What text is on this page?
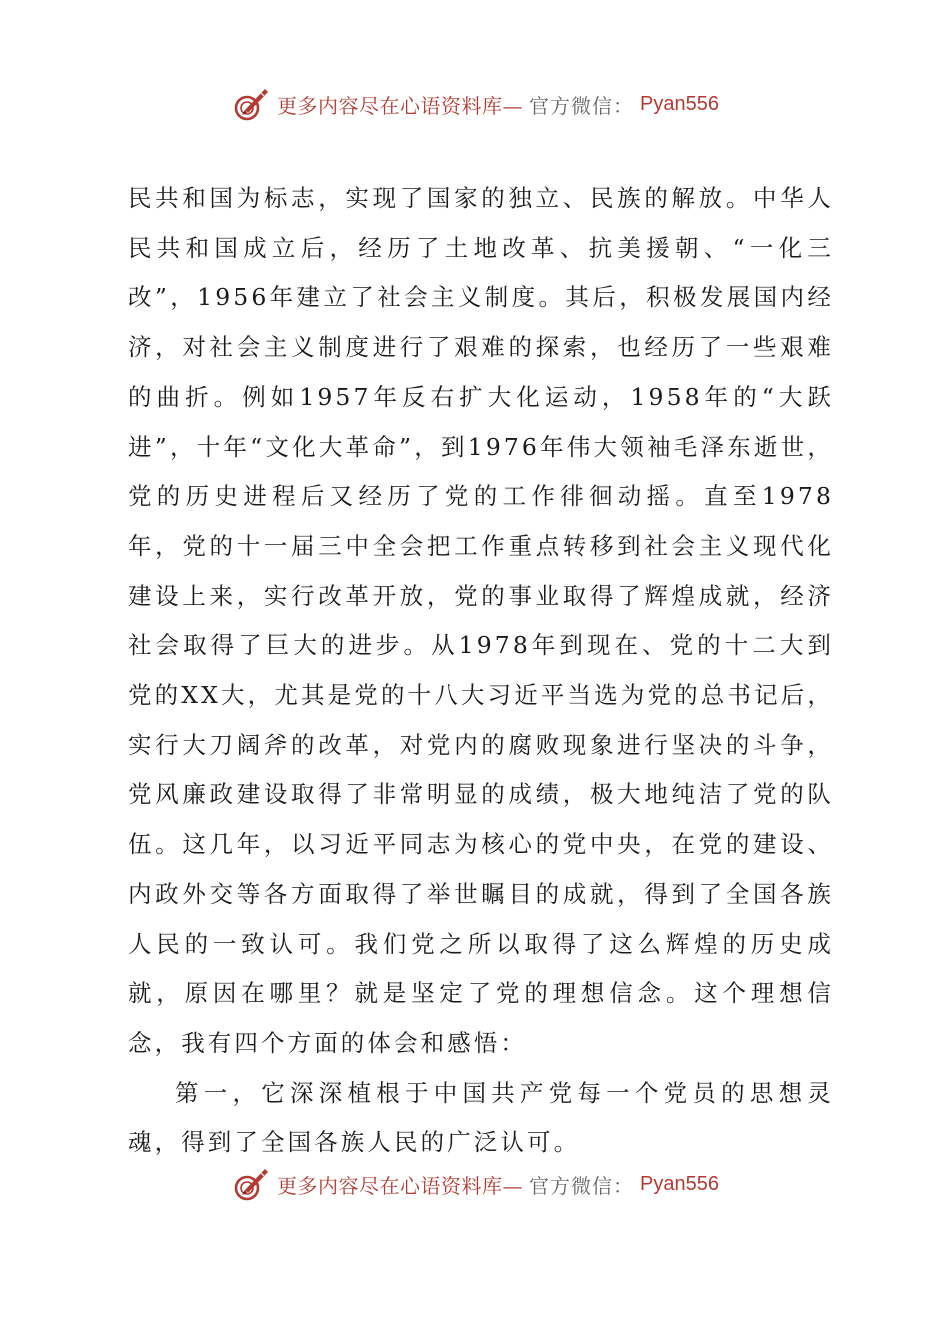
更多内容尽在心语资料库— 官方微信： Pyan556

民共和国为标志，实现了国家的独立、民族的解放。中华人民共和国成立后，经历了土地改革、抗美援朝、“一化三改”，1956年建立了社会主义制度。其后，积极发展国内经济，对社会主义制度进行了艰难的探索，也经历了一些艰难的曲折。例如1957年反右扩大化运动，1958年的“大跃进”，十年“文化大革命”，到1976年伟大领袖毛泽东逝世，党的历史进程后又经历了党的工作徘徊动摇。直至1978年，党的十一届三中全会把工作重点转移到社会主义现代化建设上来，实行改革开放，党的事业取得了辉煌成就，经济社会取得了巨大的进步。从1978年到现在、党的十二大到党的XX大，尤其是党的十八大习近平当选为党的总书记后，实行大刀阔斧的改革，对党内的腐败现象进行坚决的斗争，党风廉政建设取得了非常明显的成绩，极大地纯洁了党的队伍。这几年，以习近平同志为核心的党中央，在党的建设、内政外交等各方面取得了举世瞩目的成就，得到了全国各族人民的一致认可。我们党之所以取得了这么辉煌的历史成就，原因在哪里？就是坚定了党的理想信念。这个理想信念，我有四个方面的体会和感悟：

第一，它深深植根于中国共产党每一个党员的思想灵魂，得到了全国各族人民的广泛认可。

更多内容尽在心语资料库— 官方微信： Pyan556
